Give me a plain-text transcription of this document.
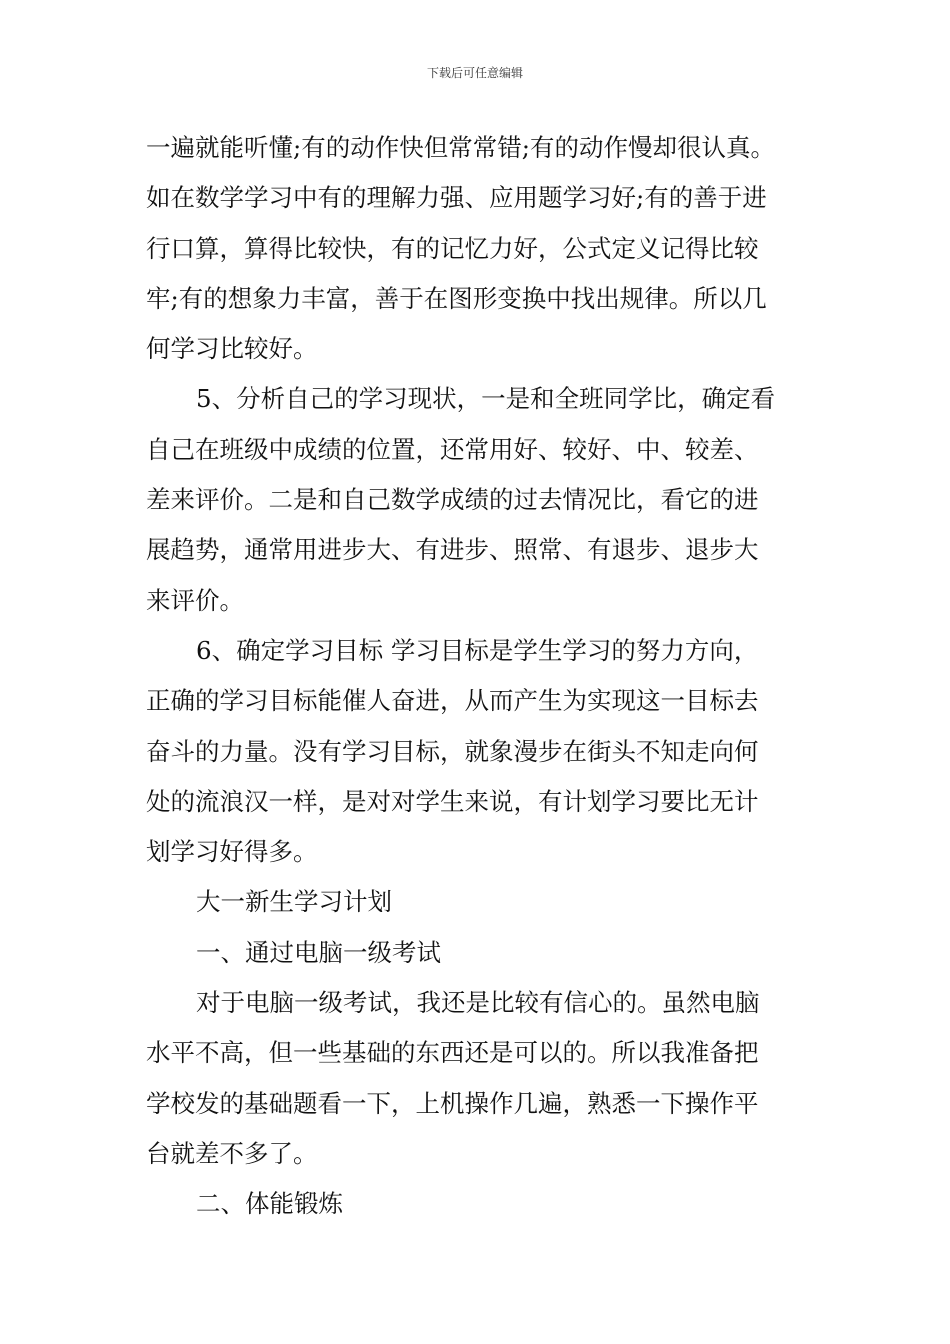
下载后可任意编辑
一遍就能听懂;有的动作快但常常错;有的动作慢却很认真。
如在数学学习中有的理解力强、应用题学习好;有的善于进
行口算，算得比较快，有的记忆力好，公式定义记得比较
牢;有的想象力丰富，善于在图形变换中找出规律。所以几
何学习比较好。
5、分析自己的学习现状，一是和全班同学比，确定看
自己在班级中成绩的位置，还常用好、较好、中、较差、
差来评价。二是和自己数学成绩的过去情况比，看它的进
展趋势，通常用进步大、有进步、照常、有退步、退步大
来评价。
6、确定学习目标 学习目标是学生学习的努力方向，
正确的学习目标能催人奋进，从而产生为实现这一目标去
奋斗的力量。没有学习目标，就象漫步在街头不知走向何
处的流浪汉一样，是对对学生来说，有计划学习要比无计
划学习好得多。
大一新生学习计划
一、通过电脑一级考试
对于电脑一级考试，我还是比较有信心的。虽然电脑
水平不高，但一些基础的东西还是可以的。所以我准备把
学校发的基础题看一下，上机操作几遍，熟悉一下操作平
台就差不多了。
二、体能锻炼
